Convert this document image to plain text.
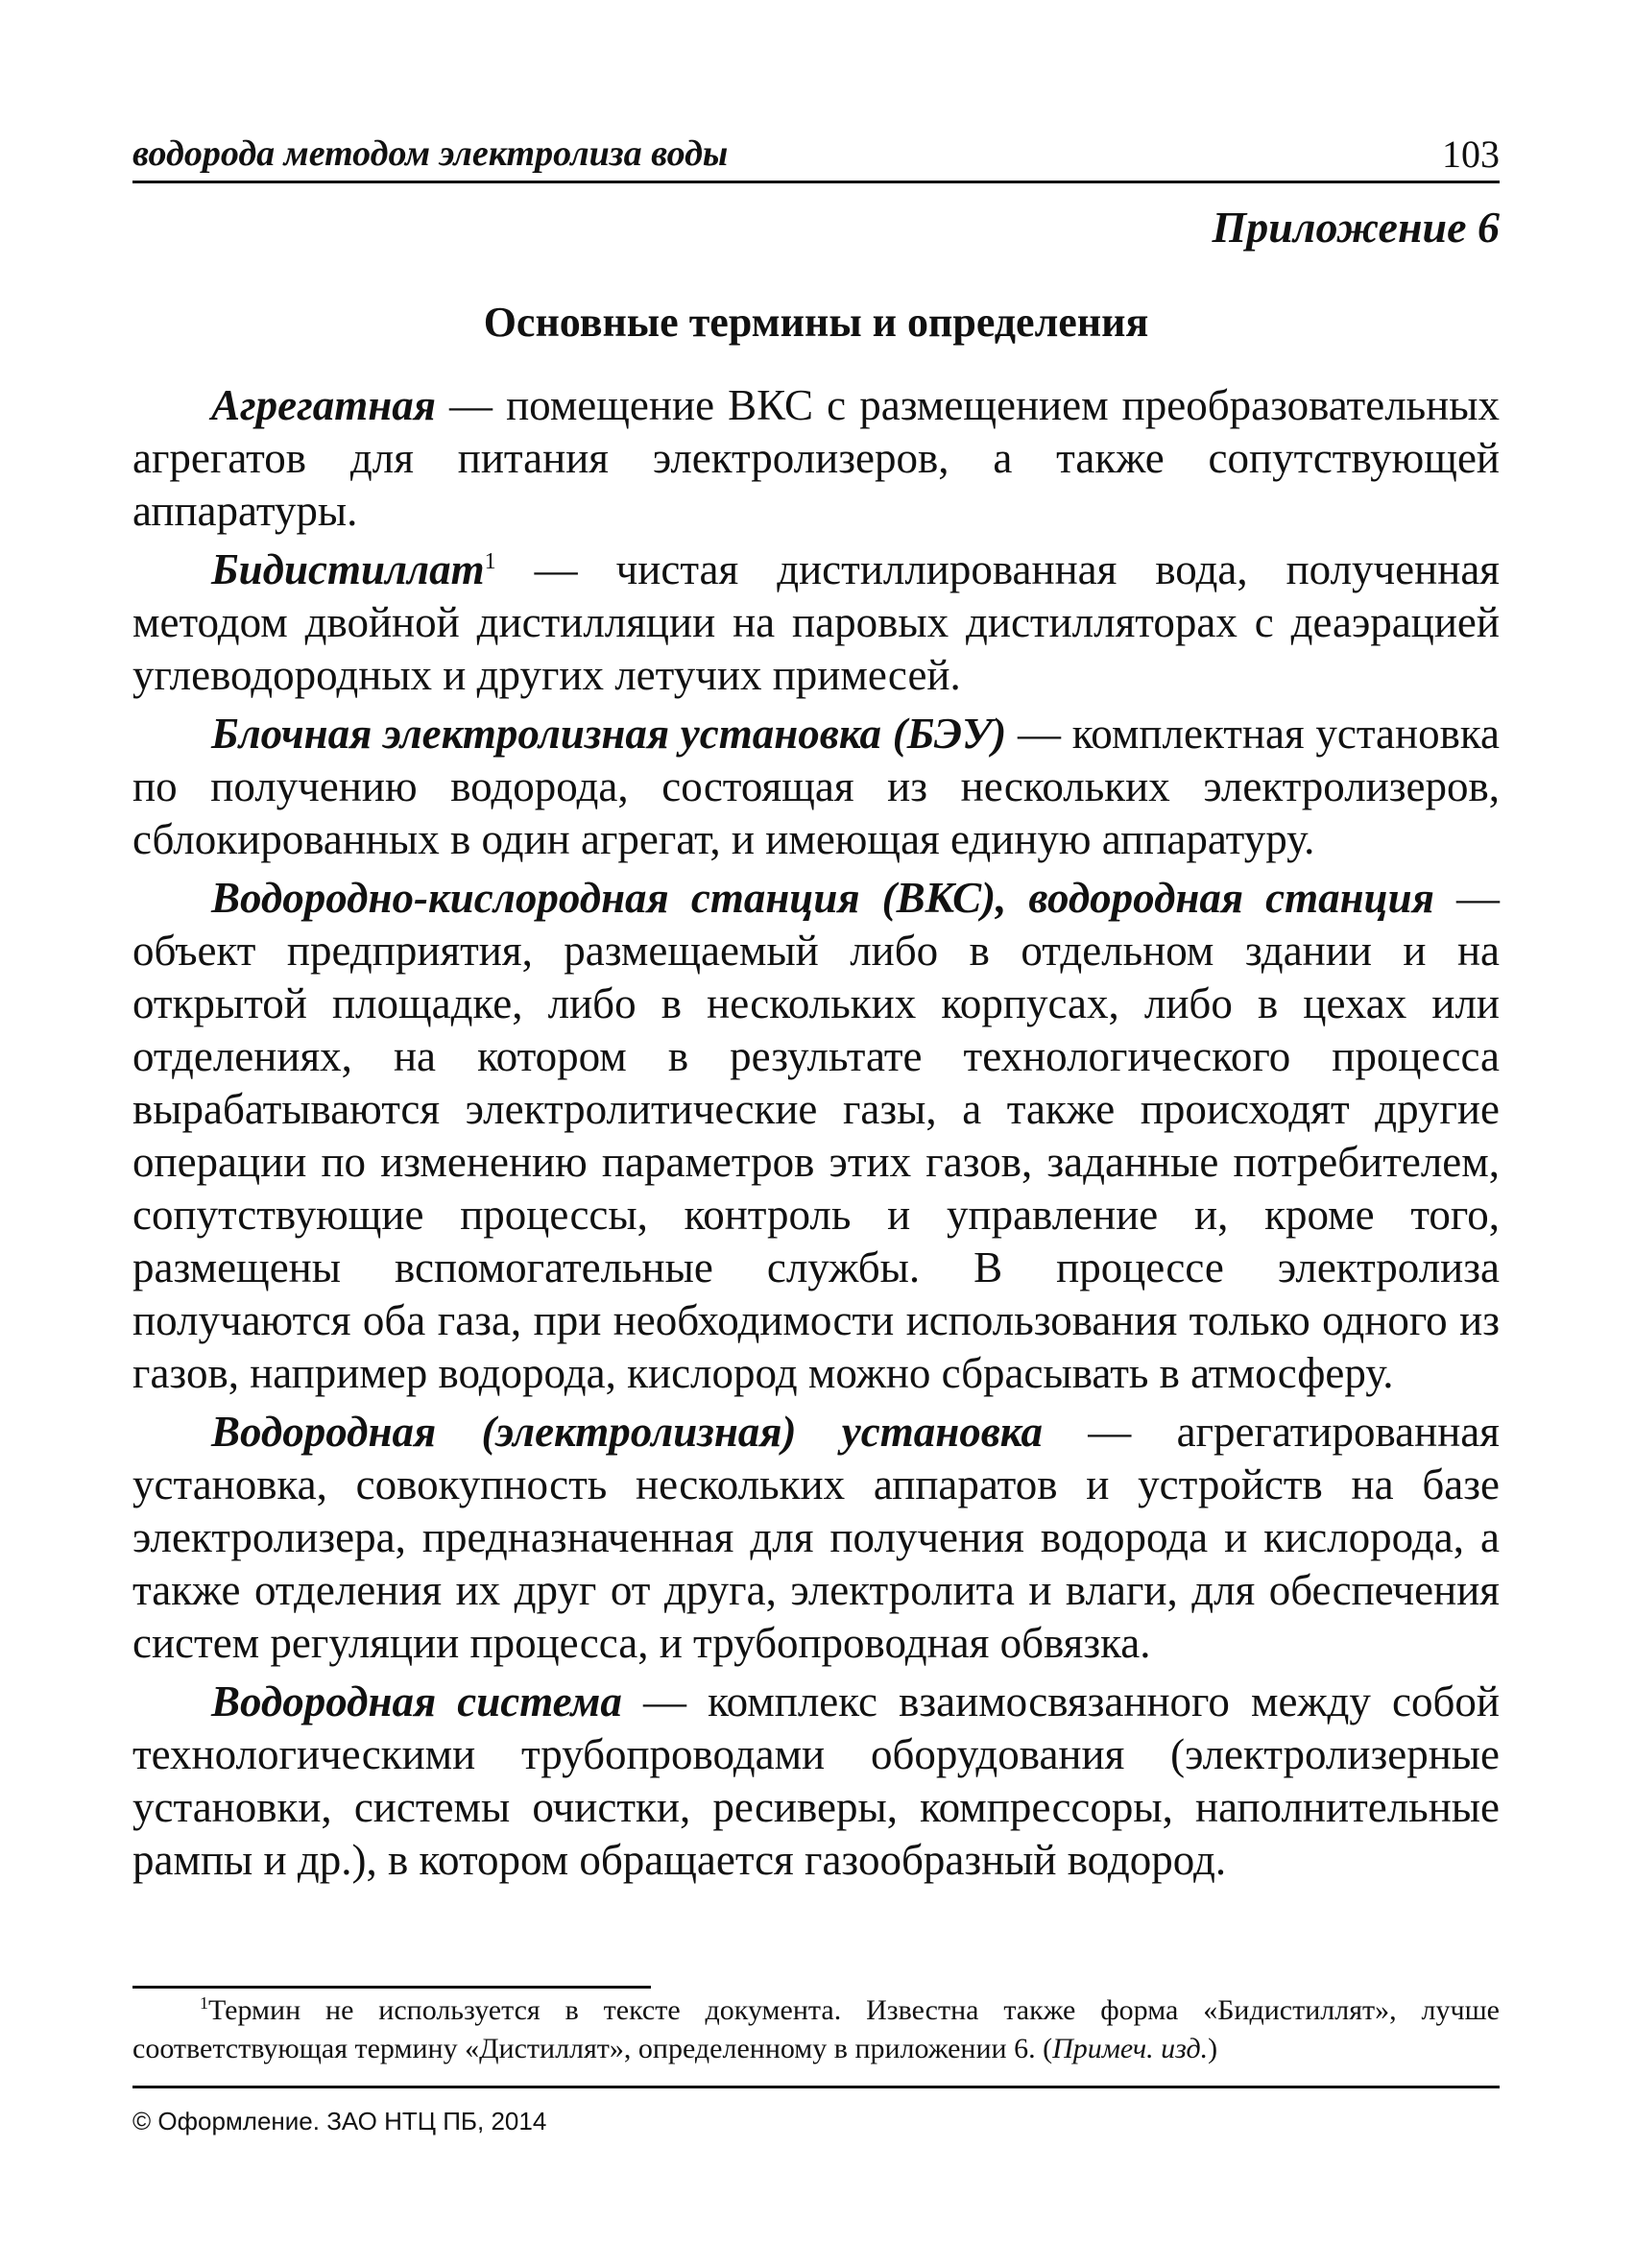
водорода методом электролиза воды	103
Приложение 6
Основные термины и определения

Агрегатная — помещение ВКС с размещением преобразовательных агрегатов для питания электролизеров, а также сопутствующей аппаратуры.

Бидистиллат$^1$ — чистая дистиллированная вода, полученная методом двойной дистилляции на паровых дистилляторах с деаэрацией углеводородных и других летучих примесей.

Блочная электролизная установка (БЭУ) — комплектная установка по получению водорода, состоящая из нескольких электролизеров, сблокированных в один агрегат, и имеющая единую аппаратуру.

Водородно-кислородная станция (ВКС), водородная станция — объект предприятия, размещаемый либо в отдельном здании и на открытой площадке, либо в нескольких корпусах, либо в цехах или отделениях, на котором в результате технологического процесса вырабатываются электролитические газы, а также происходят другие операции по изменению параметров этих газов, заданные потребителем, сопутствующие процессы, контроль и управление и, кроме того, размещены вспомогательные службы. В процессе электролиза получаются оба газа, при необходимости использования только одного из газов, например водорода, кислород можно сбрасывать в атмосферу.

Водородная (электролизная) установка — агрегатированная установка, совокупность нескольких аппаратов и устройств на базе электролизера, предназначенная для получения водорода и кислорода, а также отделения их друг от друга, электролита и влаги, для обеспечения систем регуляции процесса, и трубопроводная обвязка.

Водородная система — комплекс взаимосвязанного между собой технологическими трубопроводами оборудования (электролизерные установки, системы очистки, ресиверы, компрессоры, наполнительные рампы и др.), в котором обращается газообразный водород.

$^1$Термин не используется в тексте документа. Известна также форма «Бидистиллят», лучше соответствующая термину «Дистиллят», определенному в приложении 6. (Примеч. изд.)
© Оформление. ЗАО НТЦ ПБ, 2014
